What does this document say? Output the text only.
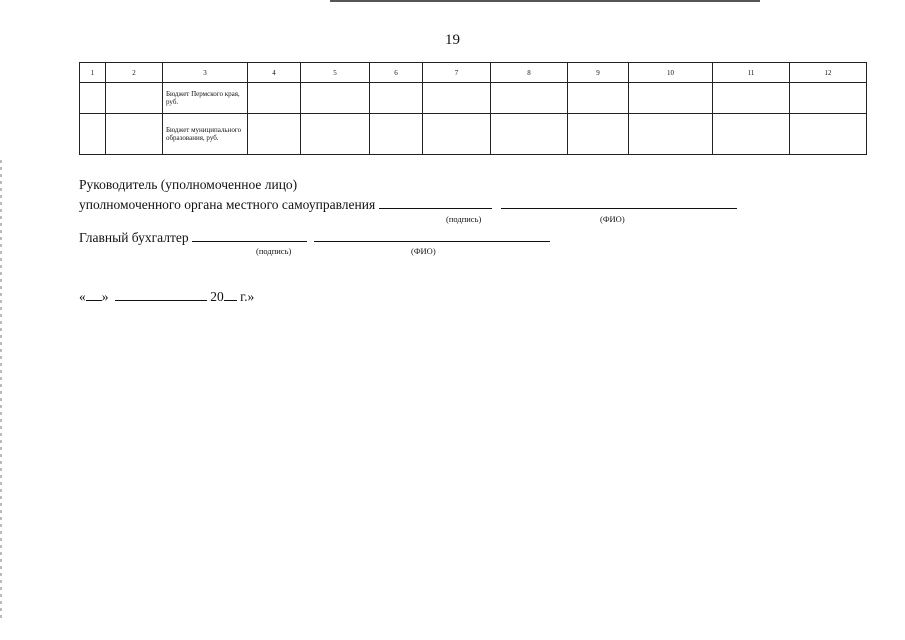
19
1	2	3	4	5	6	7	8	9	10	11	12
		Бюджет Пермского края, руб.									
		Бюджет муниципального образования, руб.									
Руководитель (уполномоченное лицо)
уполномоченного органа местного самоуправления
(подпись)	(ФИО)
Главный бухгалтер
(подпись)	(ФИО)
« »	20 г.»
